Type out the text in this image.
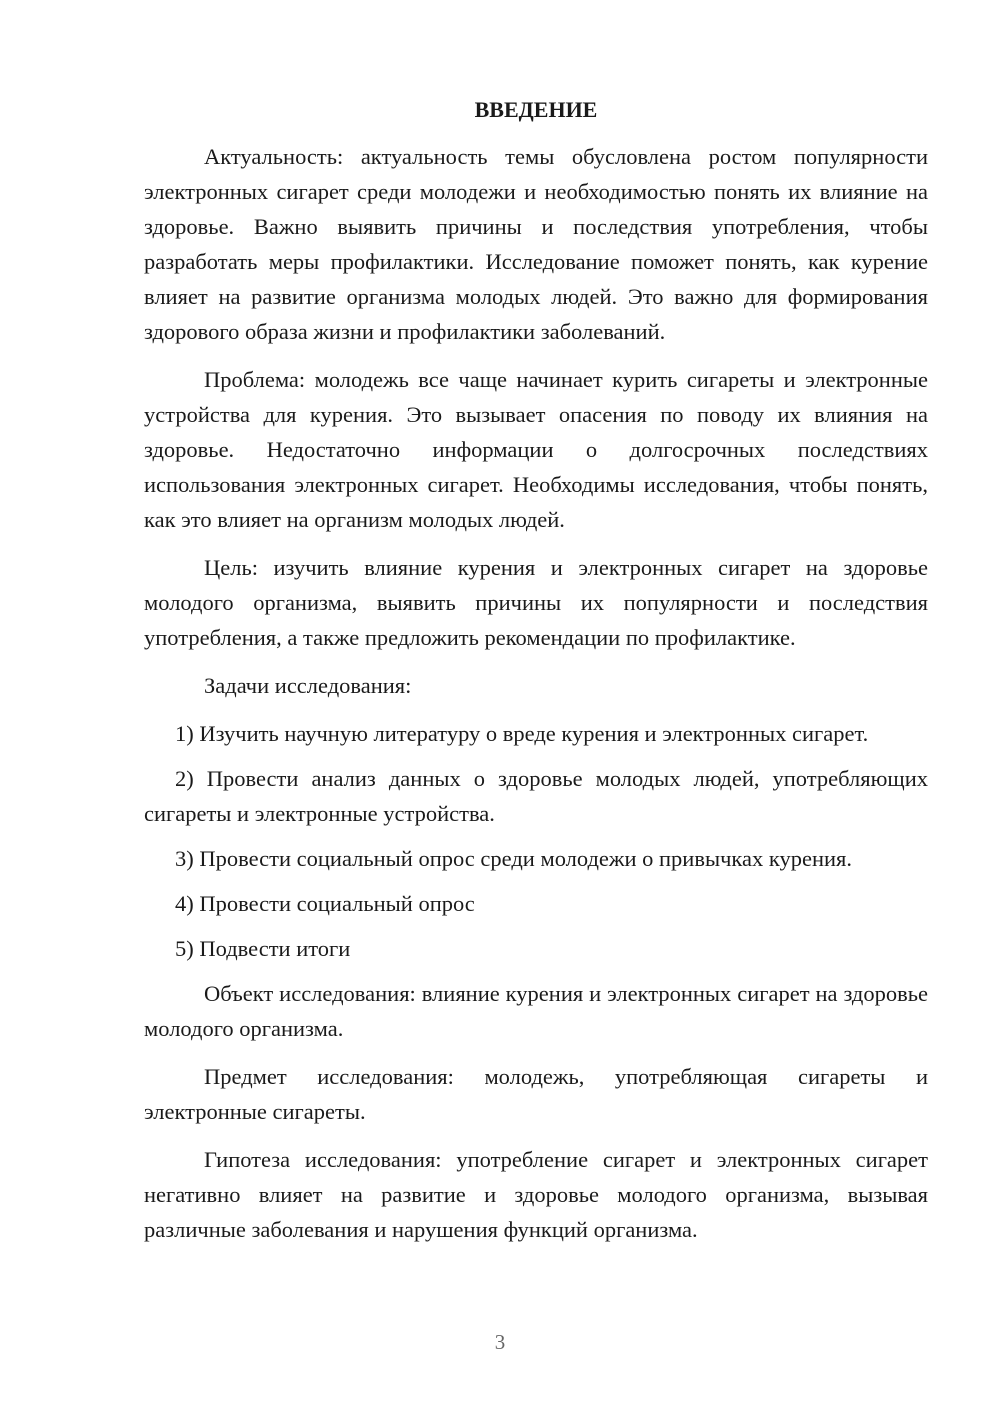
ВВЕДЕНИЕ

Актуальность: актуальность темы обусловлена ростом популярности электронных сигарет среди молодежи и необходимостью понять их влияние на здоровье. Важно выявить причины и последствия употребления, чтобы разработать меры профилактики. Исследование поможет понять, как курение влияет на развитие организма молодых людей. Это важно для формирования здорового образа жизни и профилактики заболеваний.

Проблема: молодежь все чаще начинает курить сигареты и электронные устройства для курения. Это вызывает опасения по поводу их влияния на здоровье. Недостаточно информации о долгосрочных последствиях использования электронных сигарет. Необходимы исследования, чтобы понять, как это влияет на организм молодых людей.

Цель: изучить влияние курения и электронных сигарет на здоровье молодого организма, выявить причины их популярности и последствия употребления, а также предложить рекомендации по профилактике.

Задачи исследования:

1) Изучить научную литературу о вреде курения и электронных сигарет.

2) Провести анализ данных о здоровье молодых людей, употребляющих сигареты и электронные устройства.

3) Провести социальный опрос среди молодежи о привычках курения.

4) Провести социальный опрос

5) Подвести итоги

Объект исследования: влияние курения и электронных сигарет на здоровье молодого организма.

Предмет исследования: молодежь, употребляющая сигареты и электронные сигареты.

Гипотеза исследования: употребление сигарет и электронных сигарет негативно влияет на развитие и здоровье молодого организма, вызывая различные заболевания и нарушения функций организма.

3
